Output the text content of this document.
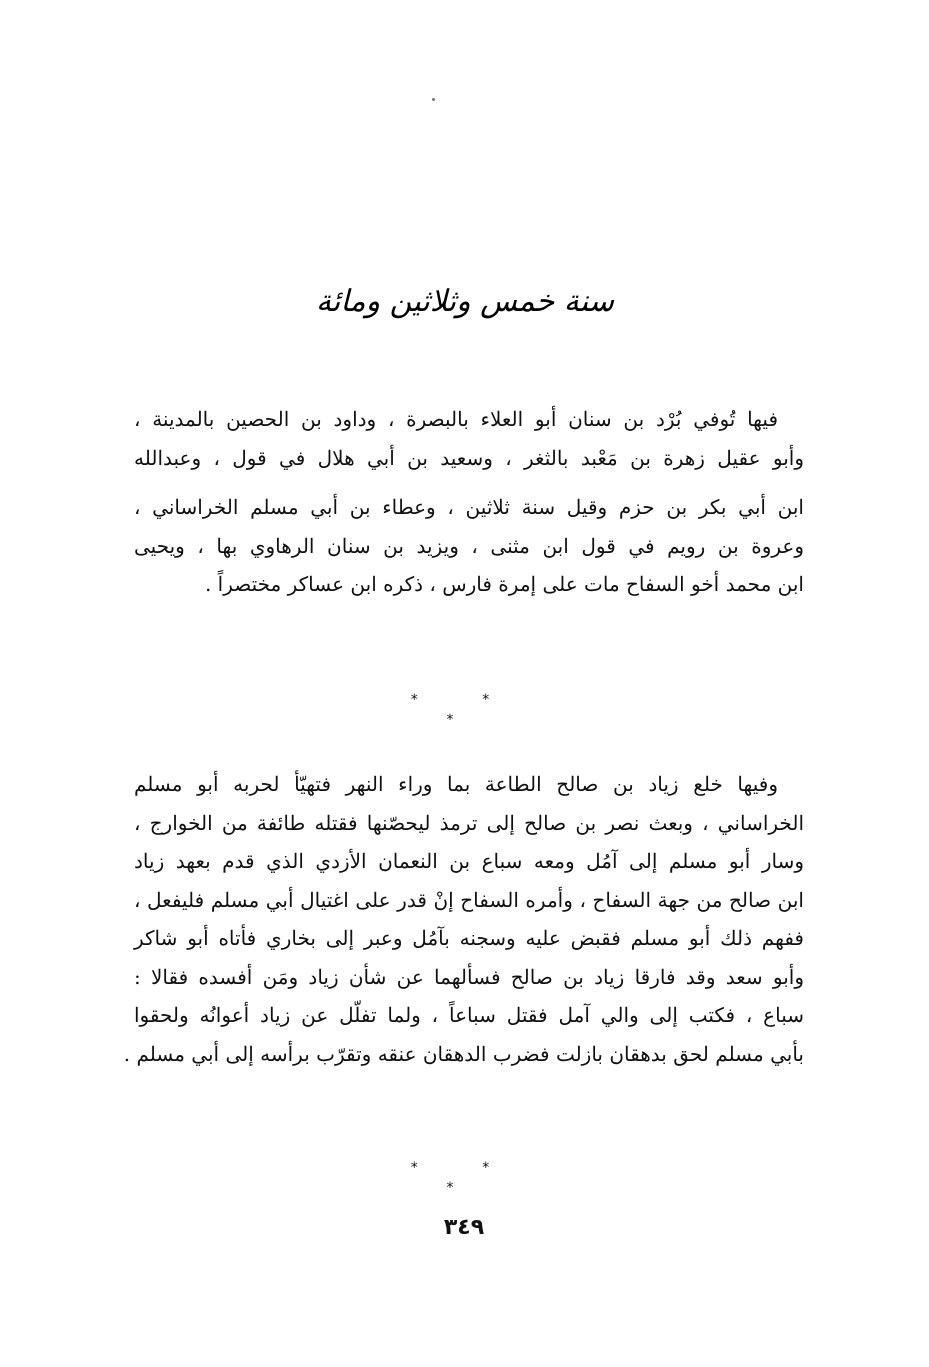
سنة خمس وثلاثين ومائة
فيها تُوفي بُرْد بن سنان أبو العلاء بالبصرة ، وداود بن الحصين بالمدينة ،
وأبو عقيل زهرة بن مَعْبد بالثغر ، وسعيد بن أبي هلال في قول ، وعبدالله
ابن أبي بكر بن حزم وقيل سنة ثلاثين ، وعطاء بن أبي مسلم الخراساني ،
وعروة بن رويم في قول ابن مثنى ، ويزيد بن سنان الرهاوي بها ، ويحيى
ابن محمد أخو السفاح مات على إمرة فارس ، ذكره ابن عساكر مختصراً .
* * *
وفيها خلع زياد بن صالح الطاعة بما وراء النهر فتهيّأ لحربه أبو مسلم
الخراساني ، وبعث نصر بن صالح إلى ترمذ ليحصّنها فقتله طائفة من الخوارج ،
وسار أبو مسلم إلى آمُل ومعه سباع بن النعمان الأزدي الذي قدم بعهد زياد
ابن صالح من جهة السفاح ، وأمره السفاح إنْ قدر على اغتيال أبي مسلم فليفعل ،
ففهم ذلك أبو مسلم فقبض عليه وسجنه بآمُل وعبر إلى بخاري فأتاه أبو شاكر
وأبو سعد وقد فارقا زياد بن صالح فسألهما عن شأن زياد ومَن أفسده فقالا :
سباع ، فكتب إلى والي آمل فقتل سباعاً ، ولما تفلّل عن زياد أعوانُه ولحقوا
بأبي مسلم لحق بدهقان بازلت فضرب الدهقان عنقه وتقرّب برأسه إلى أبي مسلم .
* * *
٣٤٩
